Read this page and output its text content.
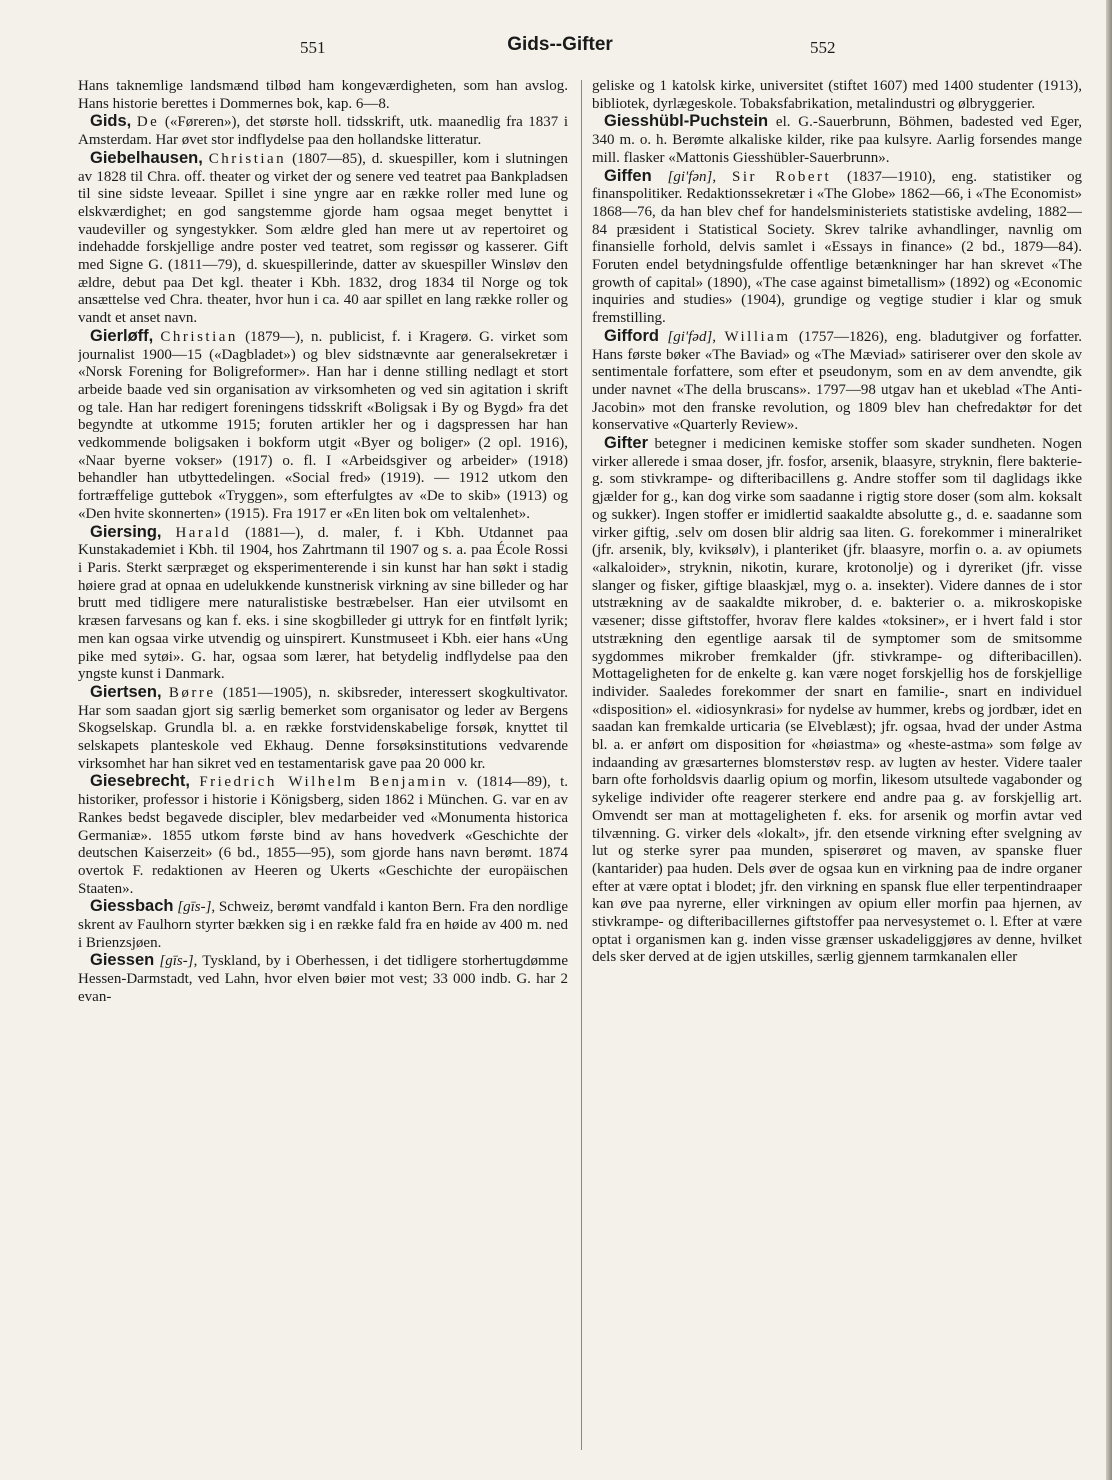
551	Gids--Gifter	552

Hans taknemlige landsmænd tilbød ham kongeværdigheten, som han avslog. Hans historie berettes i Dommernes bok, kap. 6—8.

Gids, De («Føreren»), det største holl. tidsskrift, utk. maanedlig fra 1837 i Amsterdam. Har øvet stor indflydelse paa den hollandske litteratur.

Giebelhausen, Christian (1807—85), d. skuespiller, kom i slutningen av 1828 til Chra. off. theater og virket der og senere ved teatret paa Bankpladsen til sine sidste leveaar. Spillet i sine yngre aar en række roller med lune og elskværdighet; en god sangstemme gjorde ham ogsaa meget benyttet i vaudeviller og syngestykker. Som ældre gled han mere ut av repertoiret og indehadde forskjellige andre poster ved teatret, som regissør og kasserer. Gift med Signe G. (1811—79), d. skuespillerinde, datter av skuespiller Winsløv den ældre, debut paa Det kgl. theater i Kbh. 1832, drog 1834 til Norge og tok ansættelse ved Chra. theater, hvor hun i ca. 40 aar spillet en lang række roller og vandt et anset navn.

Gierløff, Christian (1879—), n. publicist, f. i Kragerø. G. virket som journalist 1900—15 («Dagbladet») og blev sidstnævnte aar generalsekretær i «Norsk Forening for Boligreformer». Han har i denne stilling nedlagt et stort arbeide baade ved sin organisation av virksomheten og ved sin agitation i skrift og tale. Han har redigert foreningens tidsskrift «Boligsak i By og Bygd» fra det begyndte at utkomme 1915; foruten artikler her og i dagspressen har han vedkommende boligsaken i bokform utgit «Byer og boliger» (2 opl. 1916), «Naar byerne vokser» (1917) o. fl. I «Arbeidsgiver og arbeider» (1918) behandler han utbyttedelingen. «Social fred» (1919). — 1912 utkom den fortræffelige guttebok «Tryggen», som efterfulgtes av «De to skib» (1913) og «Den hvite skonnerten» (1915). Fra 1917 er «En liten bok om veltalenhet».

Giersing, Harald (1881—), d. maler, f. i Kbh. Utdannet paa Kunstakademiet i Kbh. til 1904, hos Zahrtmann til 1907 og s. a. paa École Rossi i Paris. Sterkt særpræget og eksperimenterende i sin kunst har han søkt i stadig høiere grad at opnaa en udelukkende kunstnerisk virkning av sine billeder og har brutt med tidligere mere naturalistiske bestræbelser. Han eier utvilsomt en kræsen farvesans og kan f. eks. i sine skogbilleder gi uttryk for en fintfølt lyrik; men kan ogsaa virke utvendig og uinspirert. Kunstmuseet i Kbh. eier hans «Ung pike med sytøi». G. har, ogsaa som lærer, hat betydelig indflydelse paa den yngste kunst i Danmark.

Giertsen, Børre (1851—1905), n. skibsreder, interessert skogkultivator. Har som saadan gjort sig særlig bemerket som organisator og leder av Bergens Skogselskap. Grundla bl. a. en række forstvidenskabelige forsøk, knyttet til selskapets planteskole ved Ekhaug. Denne forsøksinstitutions vedvarende virksomhet har han sikret ved en testamentarisk gave paa 20 000 kr.

Giesebrecht, Friedrich Wilhelm Benjamin v. (1814—89), t. historiker, professor i historie i Königsberg, siden 1862 i München. G. var en av Rankes bedst begavede discipler, blev medarbeider ved «Monumenta historica Germaniæ». 1855 utkom første bind av hans hovedverk «Geschichte der deutschen Kaiserzeit» (6 bd., 1855—95), som gjorde hans navn berømt. 1874 overtok F. redaktionen av Heeren og Ukerts «Geschichte der europäischen Staaten».

Giessbach [gīs-], Schweiz, berømt vandfald i kanton Bern. Fra den nordlige skrent av Faulhorn styrter bækken sig i en række fald fra en høide av 400 m. ned i Brienzsjøen.

Giessen [gīs-], Tyskland, by i Oberhessen, i det tidligere storhertugdømme Hessen-Darmstadt, ved Lahn, hvor elven bøier mot vest; 33 000 indb. G. har 2 evan-

geliske og 1 katolsk kirke, universitet (stiftet 1607) med 1400 studenter (1913), bibliotek, dyrlægeskole. Tobaksfabrikation, metalindustri og ølbryggerier.

Giesshübl-Puchstein el. G.-Sauerbrunn, Böhmen, badested ved Eger, 340 m. o. h. Berømte alkaliske kilder, rike paa kulsyre. Aarlig forsendes mange mill. flasker «Mattonis Giesshübler-Sauerbrunn».

Giffen [gi'fən], Sir Robert (1837—1910), eng. statistiker og finanspolitiker. Redaktionssekretær i «The Globe» 1862—66, i «The Economist» 1868—76, da han blev chef for handelsministeriets statistiske avdeling, 1882—84 præsident i Statistical Society. Skrev talrike avhandlinger, navnlig om finansielle forhold, delvis samlet i «Essays in finance» (2 bd., 1879—84). Foruten endel betydningsfulde offentlige betænkninger har han skrevet «The growth of capital» (1890), «The case against bimetallism» (1892) og «Economic inquiries and studies» (1904), grundige og vegtige studier i klar og smuk fremstilling.

Gifford [gi'fəd], William (1757—1826), eng. bladutgiver og forfatter. Hans første bøker «The Baviad» og «The Mæviad» satiriserer over den skole av sentimentale forfattere, som efter et pseudonym, som en av dem anvendte, gik under navnet «The della bruscans». 1797—98 utgav han et ukeblad «The Anti-Jacobin» mot den franske revolution, og 1809 blev han chefredaktør for det konservative «Quarterly Review».

Gifter betegner i medicinen kemiske stoffer som skader sundheten. Nogen virker allerede i smaa doser, jfr. fosfor, arsenik, blaasyre, stryknin, flere bakterie-g. som stivkrampe- og difteribacillens g. Andre stoffer som til daglidags ikke gjælder for g., kan dog virke som saadanne i rigtig store doser (som alm. koksalt og sukker). Ingen stoffer er imidlertid saakaldte absolutte g., d. e. saadanne som virker giftig, .selv om dosen blir aldrig saa liten. G. forekommer i mineralriket (jfr. arsenik, bly, kviksølv), i planteriket (jfr. blaasyre, morfin o. a. av opiumets «alkaloider», stryknin, nikotin, kurare, krotonolje) og i dyreriket (jfr. visse slanger og fisker, giftige blaaskjæl, myg o. a. insekter). Videre dannes de i stor utstrækning av de saakaldte mikrober, d. e. bakterier o. a. mikroskopiske væsener; disse giftstoffer, hvorav flere kaldes «toksiner», er i hvert fald i stor utstrækning den egentlige aarsak til de symptomer som de smitsomme sygdommes mikrober fremkalder (jfr. stivkrampe- og difteribacillen). Mottageligheten for de enkelte g. kan være noget forskjellig hos de forskjellige individer. Saaledes forekommer der snart en familie-, snart en individuel «disposition» el. «idiosynkrasi» for nydelse av hummer, krebs og jordbær, idet en saadan kan fremkalde urticaria (se Elveblæst); jfr. ogsaa, hvad der under Astma bl. a. er anført om disposition for «høiastma» og «heste-astma» som følge av indaanding av græsarternes blomsterstøv resp. av lugten av hester. Videre taaler barn ofte forholdsvis daarlig opium og morfin, likesom utsultede vagabonder og sykelige individer ofte reagerer sterkere end andre paa g. av forskjellig art. Omvendt ser man at mottageligheten f. eks. for arsenik og morfin avtar ved tilvænning. G. virker dels «lokalt», jfr. den etsende virkning efter svelgning av lut og sterke syrer paa munden, spiserøret og maven, av spanske fluer (kantarider) paa huden. Dels øver de ogsaa kun en virkning paa de indre organer efter at være optat i blodet; jfr. den virkning en spansk flue eller terpentindraaper kan øve paa nyrerne, eller virkningen av opium eller morfin paa hjernen, av stivkrampe- og difteribacillernes giftstoffer paa nervesystemet o. l. Efter at være optat i organismen kan g. inden visse grænser uskadeliggjøres av denne, hvilket dels sker derved at de igjen utskilles, særlig gjennem tarmkanalen eller
